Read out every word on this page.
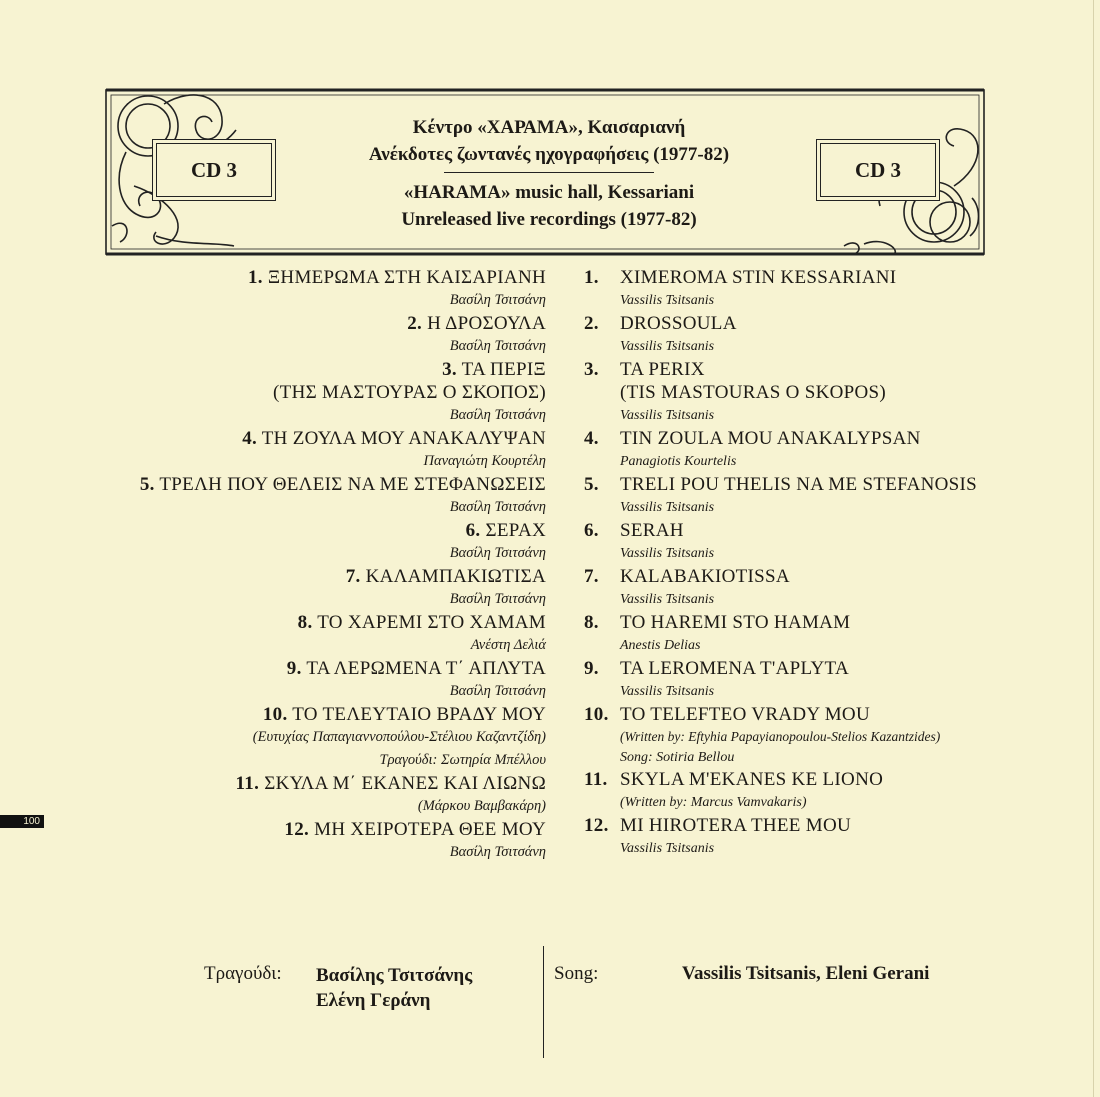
CD 3	CD 3
Κέντρο «ΧΑΡΑΜΑ», Καισαριανή
Ανέκδοτες ζωντανές ηχογραφήσεις (1977-82)
«HARAMA» music hall, Kessariani
Unreleased live recordings (1977-82)
1. ΞΗΜΕΡΩΜΑ ΣΤΗ ΚΑΙΣΑΡΙΑΝΗ
Βασίλη Τσιτσάνη
2. Η ΔΡΟΣΟΥΛΑ
Βασίλη Τσιτσάνη
3. ΤΑ ΠΕΡΙΞ
(ΤΗΣ ΜΑΣΤΟΥΡΑΣ Ο ΣΚΟΠΟΣ)
Βασίλη Τσιτσάνη
4. ΤΗ ΖΟΥΛΑ ΜΟΥ ΑΝΑΚΑΛΥΨΑΝ
Παναγιώτη Κουρτέλη
5. ΤΡΕΛΗ ΠΟΥ ΘΕΛΕΙΣ ΝΑ ΜΕ ΣΤΕΦΑΝΩΣΕΙΣ
Βασίλη Τσιτσάνη
6. ΣΕΡΑΧ
Βασίλη Τσιτσάνη
7. ΚΑΛΑΜΠΑΚΙΩΤΙΣΑ
Βασίλη Τσιτσάνη
8. ΤΟ ΧΑΡΕΜΙ ΣΤΟ ΧΑΜΑΜ
Ανέστη Δελιά
9. ΤΑ ΛΕΡΩΜΕΝΑ Τ΄ ΑΠΛΥΤΑ
Βασίλη Τσιτσάνη
10. ΤΟ ΤΕΛΕΥΤΑΙΟ ΒΡΑΔΥ ΜΟΥ
(Ευτυχίας Παπαγιαννοπούλου-Στέλιου Καζαντζίδη)
Τραγούδι: Σωτηρία Μπέλλου
11. ΣΚΥΛΑ Μ΄ ΕΚΑΝΕΣ ΚΑΙ ΛΙΩΝΩ
(Μάρκου Βαμβακάρη)
12. ΜΗ ΧΕΙΡΟΤΕΡΑ ΘΕΕ ΜΟΥ
Βασίλη Τσιτσάνη
1. XIMEROMA STIN KESSARIANI
Vassilis Tsitsanis
2. DROSSOULA
Vassilis Tsitsanis
3. TA PERIX
(TIS MASTOURAS O SKOPOS)
Vassilis Tsitsanis
4. TIN ZOULA MOU ANAKALYPSAN
Panagiotis Kourtelis
5. TRELI POU THELIS NA ME STEFANOSIS
Vassilis Tsitsanis
6. SERAH
Vassilis Tsitsanis
7. KALABAKIOTISSA
Vassilis Tsitsanis
8. TO HAREMI STO HAMAM
Anestis Delias
9. TA LEROMENA T'APLYTA
Vassilis Tsitsanis
10. TO TELEFTEO VRADY MOU
(Written by: Eftyhia Papayianopoulou-Stelios Kazantzides)
Song: Sotiria Bellou
11. SKYLA M'EKANES KE LIONO
(Written by: Marcus Vamvakaris)
12. MI HIROTERA THEE MOU
Vassilis Tsitsanis
100
Τραγούδι: Βασίλης Τσιτσάνης
Ελένη Γεράνη
Song:	Vassilis Tsitsanis, Eleni Gerani
